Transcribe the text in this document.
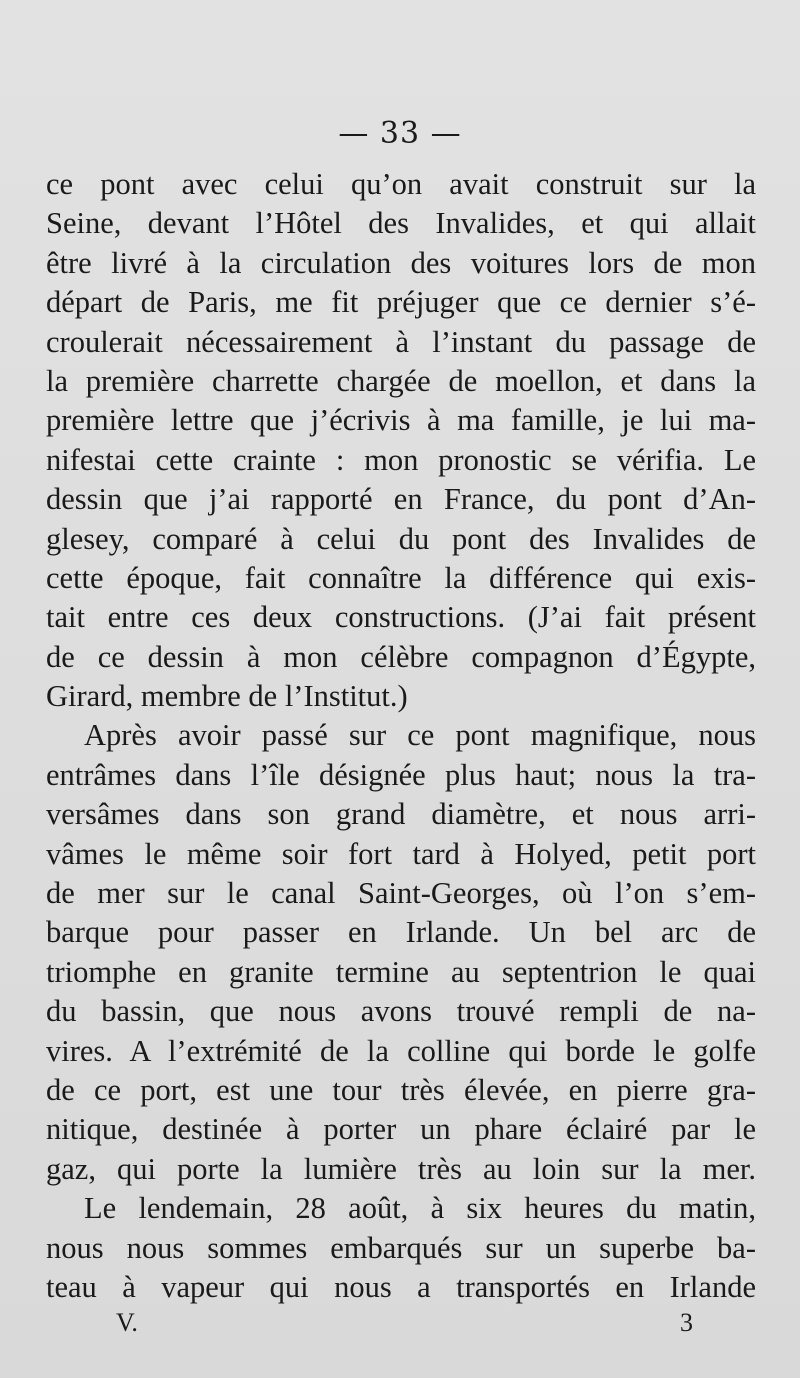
— 33 —
ce pont avec celui qu’on avait construit sur la
Seine, devant l’Hôtel des Invalides, et qui allait
être livré à la circulation des voitures lors de mon
départ de Paris, me fit préjuger que ce dernier s’é-
croulerait nécessairement à l’instant du passage de
la première charrette chargée de moellon, et dans la
première lettre que j’écrivis à ma famille, je lui ma-
nifestai cette crainte : mon pronostic se vérifia. Le
dessin que j’ai rapporté en France, du pont d’An-
glesey, comparé à celui du pont des Invalides de
cette époque, fait connaître la différence qui exis-
tait entre ces deux constructions. (J’ai fait présent
de ce dessin à mon célèbre compagnon d’Égypte,
Girard, membre de l’Institut.)
Après avoir passé sur ce pont magnifique, nous
entrâmes dans l’île désignée plus haut; nous la tra-
versâmes dans son grand diamètre, et nous arri-
vâmes le même soir fort tard à Holyed, petit port
de mer sur le canal Saint-Georges, où l’on s’em-
barque pour passer en Irlande. Un bel arc de
triomphe en granite termine au septentrion le quai
du bassin, que nous avons trouvé rempli de na-
vires. A l’extrémité de la colline qui borde le golfe
de ce port, est une tour très élevée, en pierre gra-
nitique, destinée à porter un phare éclairé par le
gaz, qui porte la lumière très au loin sur la mer.
Le lendemain, 28 août, à six heures du matin,
nous nous sommes embarqués sur un superbe ba-
teau à vapeur qui nous a transportés en Irlande
V.	3
